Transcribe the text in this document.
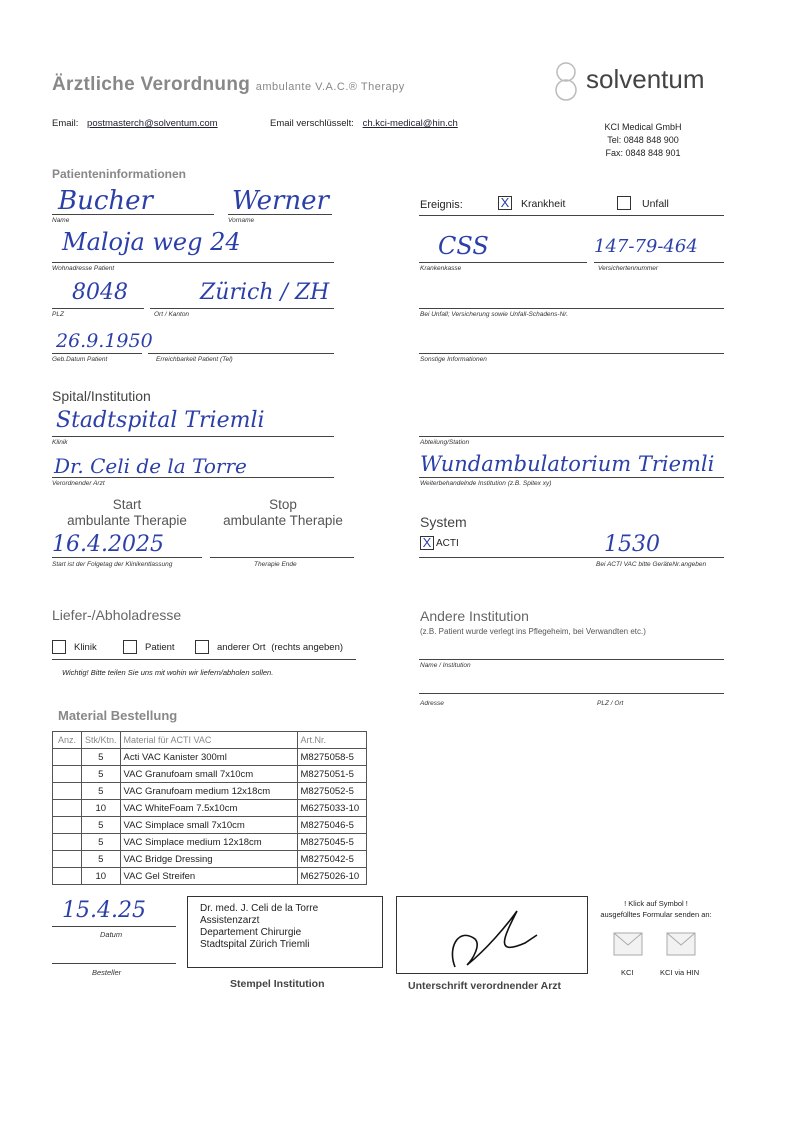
Ärztliche Verordnung ambulante V.A.C.® Therapy	solventum
Email: postmasterch@solventum.com	Email verschlüsselt: ch.kci-medical@hin.ch	KCI Medical GmbH
Tel: 0848 848 900
Fax: 0848 848 901
Patienteninformationen
Bucher
Name
Werner
Vorname
Maloja weg 24
Wohnadresse Patient
8048
PLZ
Zürich / ZH
Ort / Kanton
26.9.1950
Geb.Datum Patient	Erreichbarkeit Patient (Tel)
Ereignis:	X Krankheit	Unfall
CSS
Krankenkasse
147-79-464
Versichertennummer
Bei Unfall; Versicherung sowie Unfall-Schadens-Nr.
Sonstige Informationen
Spital/Institution
Stadtspital Triemli
Klinik	Abteilung/Station
Dr. Celi de la Torre
Verordnender Arzt
Wundambulatorium Triemli
Weiterbehandelnde Institution (z.B. Spitex xy)
Start
ambulante Therapie
Stop
ambulante Therapie
16.4.2025
Start ist der Folgetag der Klinikentlassung	Therapie Ende
System
X ACTI	1530
Bei ACTI VAC bitte GeräteNr.angeben
Liefer-/Abholadresse
Klinik	Patient	anderer Ort (rechts angeben)
Wichtig! Bitte teilen Sie uns mit wohin wir liefern/abholen sollen.
Andere Institution
(z.B. Patient wurde verlegt ins Pflegeheim, bei Verwandten etc.)
Name / Institution
Adresse	PLZ / Ort
Material Bestellung
Anz.	Stk/Ktn.	Material für ACTI VAC	Art.Nr.
	5	Acti VAC Kanister 300ml	M8275058-5
	5	VAC Granufoam small 7x10cm	M8275051-5
	5	VAC Granufoam medium 12x18cm	M8275052-5
	10	VAC WhiteFoam 7.5x10cm	M6275033-10
	5	VAC Simplace small 7x10cm	M8275046-5
	5	VAC Simplace medium 12x18cm	M8275045-5
	5	VAC Bridge Dressing	M8275042-5
	10	VAC Gel Streifen	M6275026-10
15.4.25
Datum
Besteller
Dr. med. J. Celi de la Torre
Assistenzarzt
Departement Chirurgie
Stadtspital Zürich Triemli
Stempel Institution	Unterschrift verordnender Arzt
! Klick auf Symbol !
ausgefülltes Formular senden an:
KCI	KCI via HIN
